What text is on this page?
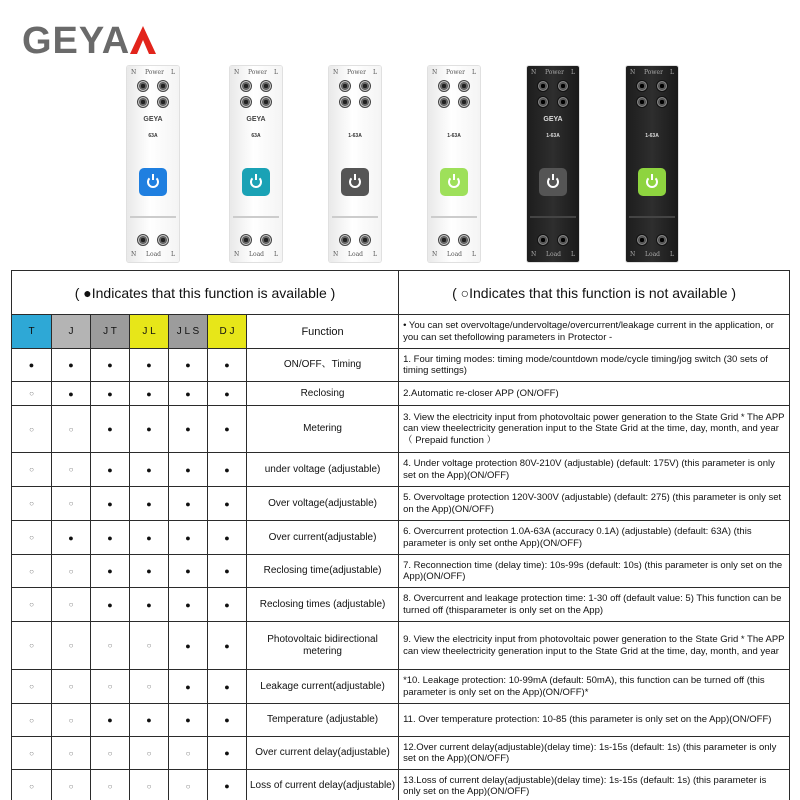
GEYA
N Power L
GEYA
63A
N Load L
N Power L
GEYA
63A
N Load L
N Power L
1-63A
N Load L
N Power L
1-63A
N Load L
N Power L
GEYA
1-63A
N Load L
N Power L
1-63A
N Load L
( ●Indicates that this function is available )							( ○Indicates that this function is not available )
T	J	J T	J L	J L S	D J	Function	• You can set overvoltage/undervoltage/overcurrent/leakage current in the application, or you can set thefollowing parameters in Protector -
●	●	●	●	●	●	ON/OFF、Timing	1. Four timing modes: timing mode/countdown mode/cycle timing/jog switch (30 sets of timing settings)
○	●	●	●	●	●	Reclosing	2.Automatic re-closer APP (ON/OFF)
○	○	●	●	●	●	Metering	3. View the electricity input from photovoltaic power generation to the State Grid * The APP can view theelectricity generation input to the State Grid at the time, day, month, and year （ Prepaid function ）
○	○	●	●	●	●	under voltage (adjustable)	4. Under voltage protection 80V-210V (adjustable) (default: 175V) (this parameter is only set on the App)(ON/OFF)
○	○	●	●	●	●	Over voltage(adjustable)	5. Overvoltage protection 120V-300V (adjustable) (default: 275) (this parameter is only set on the App)(ON/OFF)
○	●	●	●	●	●	Over current(adjustable)	6. Overcurrent protection 1.0A-63A (accuracy 0.1A) (adjustable) (default: 63A) (this parameter is only set onthe App)(ON/OFF)
○	○	●	●	●	●	Reclosing time(adjustable)	7. Reconnection time (delay time): 10s-99s (default: 10s) (this parameter is only set on the App)(ON/OFF)
○	○	●	●	●	●	Reclosing times (adjustable)	8. Overcurrent and leakage protection time: 1-30 off (default value: 5) This function can be turned off (thisparameter is only set on the App)
○	○	○	○	●	●	Photovoltaic bidirectional metering	9. View the electricity input from photovoltaic power generation to the State Grid * The APP can view theelectricity generation input to the State Grid at the time, day, month, and year
○	○	○	○	●	●	Leakage current(adjustable)	*10. Leakage protection: 10-99mA (default: 50mA), this function can be turned off (this parameter is only set on the App)(ON/OFF)*
○	○	●	●	●	●	Temperature (adjustable)	11. Over temperature protection: 10-85 (this parameter is only set on the App)(ON/OFF)
○	○	○	○	○	●	Over current delay(adjustable)	12.Over current delay(adjustable)(delay time): 1s-15s (default: 1s) (this parameter is only set on the App)(ON/OFF)
○	○	○	○	○	●	Loss of current delay(adjustable)	13.Loss of current delay(adjustable)(delay time): 1s-15s (default: 1s) (this parameter is only set on the App)(ON/OFF)
